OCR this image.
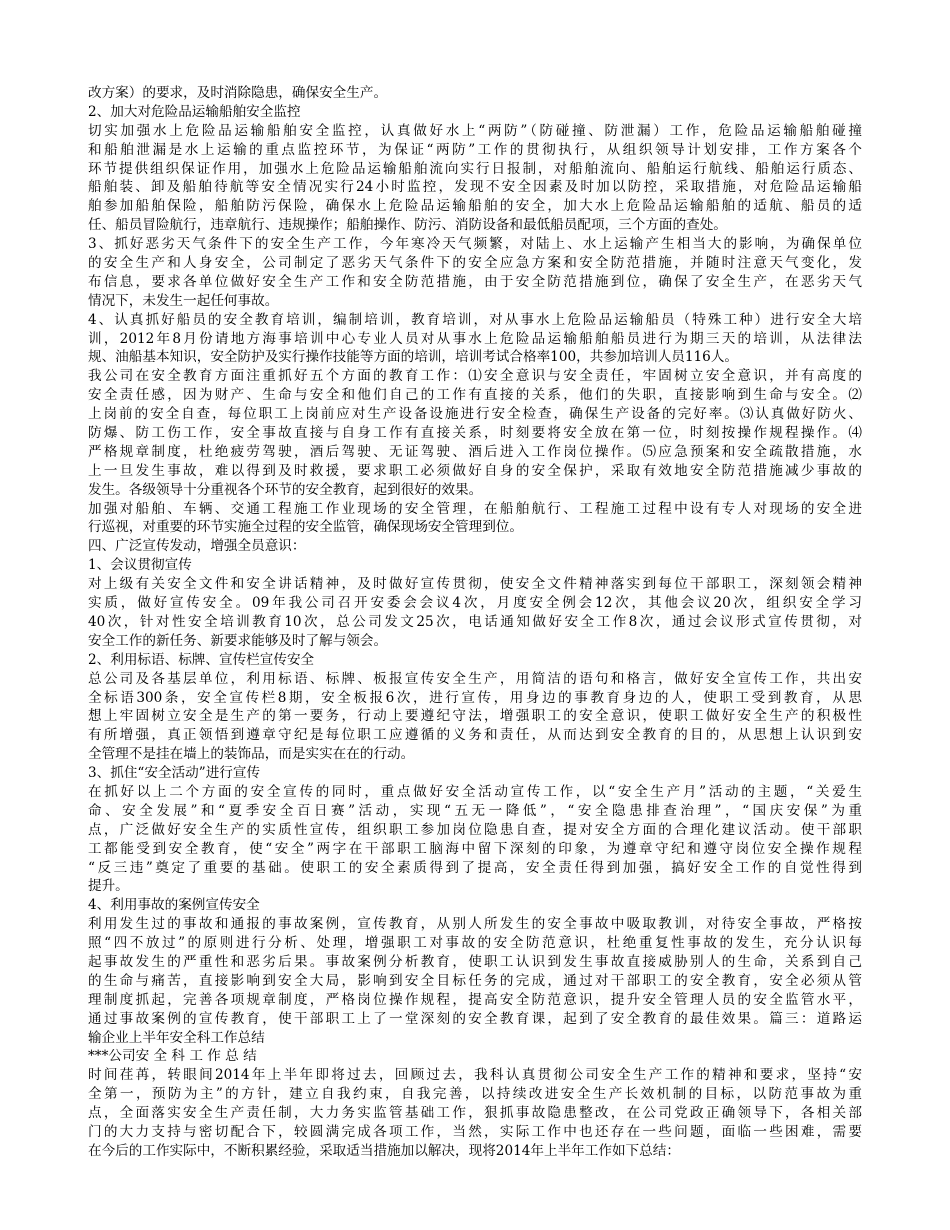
改方案）的要求，及时消除隐患，确保安全生产。
2、加大对危险品运输船舶安全监控
切实加强水上危险品运输船舶安全监控，认真做好水上“两防”（防碰撞、防泄漏）工作，危险品运输船舶碰撞
和船舶泄漏是水上运输的重点监控环节，为保证“两防”工作的贯彻执行，从组织领导计划安排，工作方案各个
环节提供组织保证作用，加强水上危险品运输船舶流向实行日报制，对船舶流向、船舶运行航线、船舶运行质态、
船舶装、卸及船舶待航等安全情况实行24小时监控，发现不安全因素及时加以防控，采取措施，对危险品运输船
舶参加船舶保险，船舶防污保险，确保水上危险品运输船舶的安全，加大水上危险品运输船舶的适航、船员的适
任、船员冒险航行，违章航行、违规操作；船舶操作、防污、消防设备和最低船员配项，三个方面的查处。
3、抓好恶劣天气条件下的安全生产工作，今年寒冷天气频繁，对陆上、水上运输产生相当大的影响，为确保单位
的安全生产和人身安全，公司制定了恶劣天气条件下的安全应急方案和安全防范措施，并随时注意天气变化，发
布信息，要求各单位做好安全生产工作和安全防范措施，由于安全防范措施到位，确保了安全生产，在恶劣天气
情况下，未发生一起任何事故。
4、认真抓好船员的安全教育培训，编制培训，教育培训，对从事水上危险品运输船员（特殊工种）进行安全大培
训，2012年8月份请地方海事培训中心专业人员对从事水上危险品运输船舶船员进行为期三天的培训，从法律法
规、油船基本知识，安全防护及实行操作技能等方面的培训，培训考试合格率100，共参加培训人员116人。
我公司在安全教育方面注重抓好五个方面的教育工作：⑴安全意识与安全责任，牢固树立安全意识，并有高度的
安全责任感，因为财产、生命与安全和他们自己的工作有直接的关系，他们的失职，直接影响到生命与安全。⑵
上岗前的安全自查，每位职工上岗前应对生产设备设施进行安全检查，确保生产设备的完好率。⑶认真做好防火、
防爆、防工伤工作，安全事故直接与自身工作有直接关系，时刻要将安全放在第一位，时刻按操作规程操作。⑷
严格规章制度，杜绝疲劳驾驶，酒后驾驶、无证驾驶、酒后进入工作岗位操作。⑸应急预案和安全疏散措施，水
上一旦发生事故，难以得到及时救援，要求职工必须做好自身的安全保护，采取有效地安全防范措施减少事故的
发生。各级领导十分重视各个环节的安全教育，起到很好的效果。
加强对船舶、车辆、交通工程施工作业现场的安全管理，在船舶航行、工程施工过程中设有专人对现场的安全进
行巡视，对重要的环节实施全过程的安全监管，确保现场安全管理到位。
四、广泛宣传发动，增强全员意识：
1、会议贯彻宣传
对上级有关安全文件和安全讲话精神，及时做好宣传贯彻，使安全文件精神落实到每位干部职工，深刻领会精神
实质，做好宣传安全。09年我公司召开安委会会议4次，月度安全例会12次，其他会议20次，组织安全学习
40次，针对性安全培训教育10次，总公司发文25次，电话通知做好安全工作8次，通过会议形式宣传贯彻，对
安全工作的新任务、新要求能够及时了解与领会。
2、利用标语、标牌、宣传栏宣传安全
总公司及各基层单位，利用标语、标牌、板报宣传安全生产，用简洁的语句和格言，做好安全宣传工作，共出安
全标语300条，安全宣传栏8期，安全板报6次，进行宣传，用身边的事教育身边的人，使职工受到教育，从思
想上牢固树立安全是生产的第一要务，行动上要遵纪守法，增强职工的安全意识，使职工做好安全生产的积极性
有所增强，真正领悟到遵章守纪是每位职工应遵循的义务和责任，从而达到安全教育的目的，从思想上认识到安
全管理不是挂在墙上的装饰品，而是实实在在的行动。
3、抓住“安全活动”进行宣传
在抓好以上二个方面的安全宣传的同时，重点做好安全活动宣传工作，以“安全生产月”活动的主题，“关爱生
命、安全发展”和“夏季安全百日赛”活动，实现“五无一降低”，“安全隐患排查治理”，“国庆安保”为重
点，广泛做好安全生产的实质性宣传，组织职工参加岗位隐患自查，提对安全方面的合理化建议活动。使干部职
工都能受到安全教育，使“安全”两字在干部职工脑海中留下深刻的印象，为遵章守纪和遵守岗位安全操作规程
“反三违”奠定了重要的基础。使职工的安全素质得到了提高，安全责任得到加强，搞好安全工作的自觉性得到
提升。
4、利用事故的案例宣传安全
利用发生过的事故和通报的事故案例，宣传教育，从别人所发生的安全事故中吸取教训，对待安全事故，严格按
照“四不放过”的原则进行分析、处理，增强职工对事故的安全防范意识，杜绝重复性事故的发生，充分认识每
起事故发生的严重性和恶劣后果。事故案例分析教育，使职工认识到发生事故直接威胁别人的生命，关系到自己
的生命与痛苦，直接影响到安全大局，影响到安全目标任务的完成，通过对干部职工的安全教育，安全必须从管
理制度抓起，完善各项规章制度，严格岗位操作规程，提高安全防范意识，提升安全管理人员的安全监管水平，
通过事故案例的宣传教育，使干部职工上了一堂深刻的安全教育课，起到了安全教育的最佳效果。篇三：道路运
输企业上半年安全科工作总结
***公司安 全 科 工 作 总 结
时间荏苒，转眼间2014年上半年即将过去，回顾过去，我科认真贯彻公司安全生产工作的精神和要求，坚持“安
全第一，预防为主”的方针，建立自我约束，自我完善，以持续改进安全生产长效机制的目标，以防范事故为重
点，全面落实安全生产责任制，大力务实监管基础工作，狠抓事故隐患整改，在公司党政正确领导下，各相关部
门的大力支持与密切配合下，较圆满完成各项工作，当然，实际工作中也还存在一些问题，面临一些困难，需要
在今后的工作实际中，不断积累经验，采取适当措施加以解决，现将2014年上半年工作如下总结：
